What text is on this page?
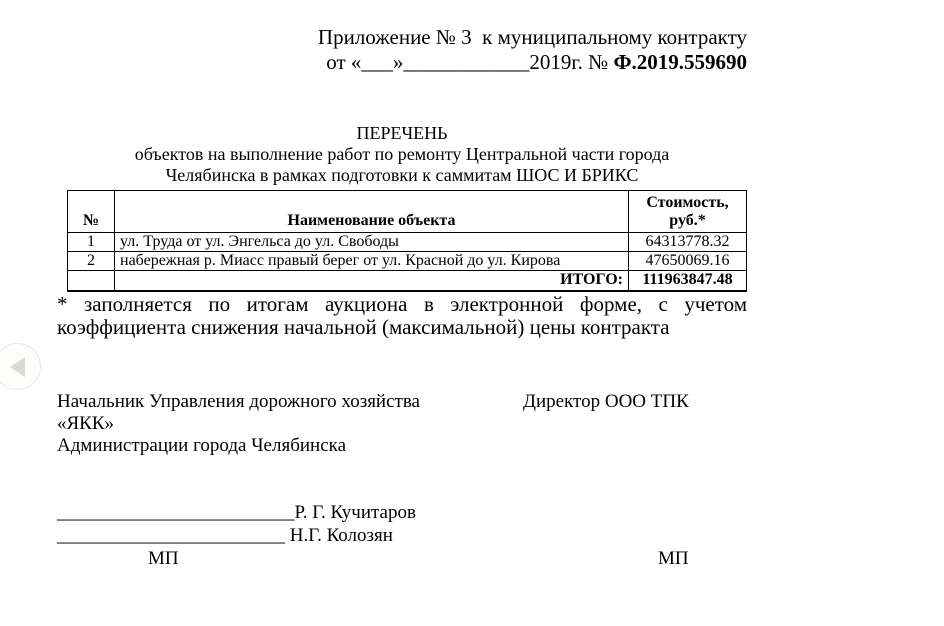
Приложение № 3  к муниципальному контракту
от «___»____________2019г. № Ф.2019.559690
ПЕРЕЧЕНЬ
объектов на выполнение работ по ремонту Центральной части города
Челябинска в рамках подготовки к саммитам ШОС И БРИКС
№	Наименование объекта	Стоимость,
руб.*

1	ул. Труда от ул. Энгельса до ул. Свободы	64313778.32
2	набережная р. Миасс правый берег от ул. Красной до ул. Кирова	47650069.16
	ИТОГО:	111963847.48
* заполняется по итогам аукциона в электронной форме, с учетом
коэффициента снижения начальной (максимальной) цены контракта
Начальник Управления дорожного хозяйства	Директор ООО ТПК
«ЯКК»
Администрации города Челябинска
_________________________Р. Г. Кучитаров
________________________ Н.Г. Колозян
МП	МП
